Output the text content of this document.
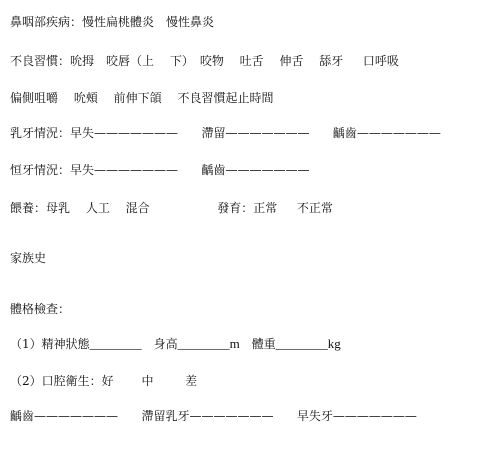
鼻咽部疾病：慢性扁桃體炎　慢性鼻炎
不良習慣：吮拇　咬唇（上　 下）　咬物　 吐舌　 伸舌　 舔牙　  口呼吸
偏側咀嚼　 吮頰　 前伸下頜　 不良習慣起止時間
乳牙情況：早失———————　   滯留———————　   齲齒———————
恒牙情況：早失———————　   齲齒———————
餵養：母乳　 人工　 混合　　　　　  發育：正常　  不正常
家族史
體格檢查：
（1）精神狀態________　身高________m　體重________kg
（2）口腔衛生：好　 　中　　  差
齲齒———————　   滯留乳牙———————　   早失牙———————
